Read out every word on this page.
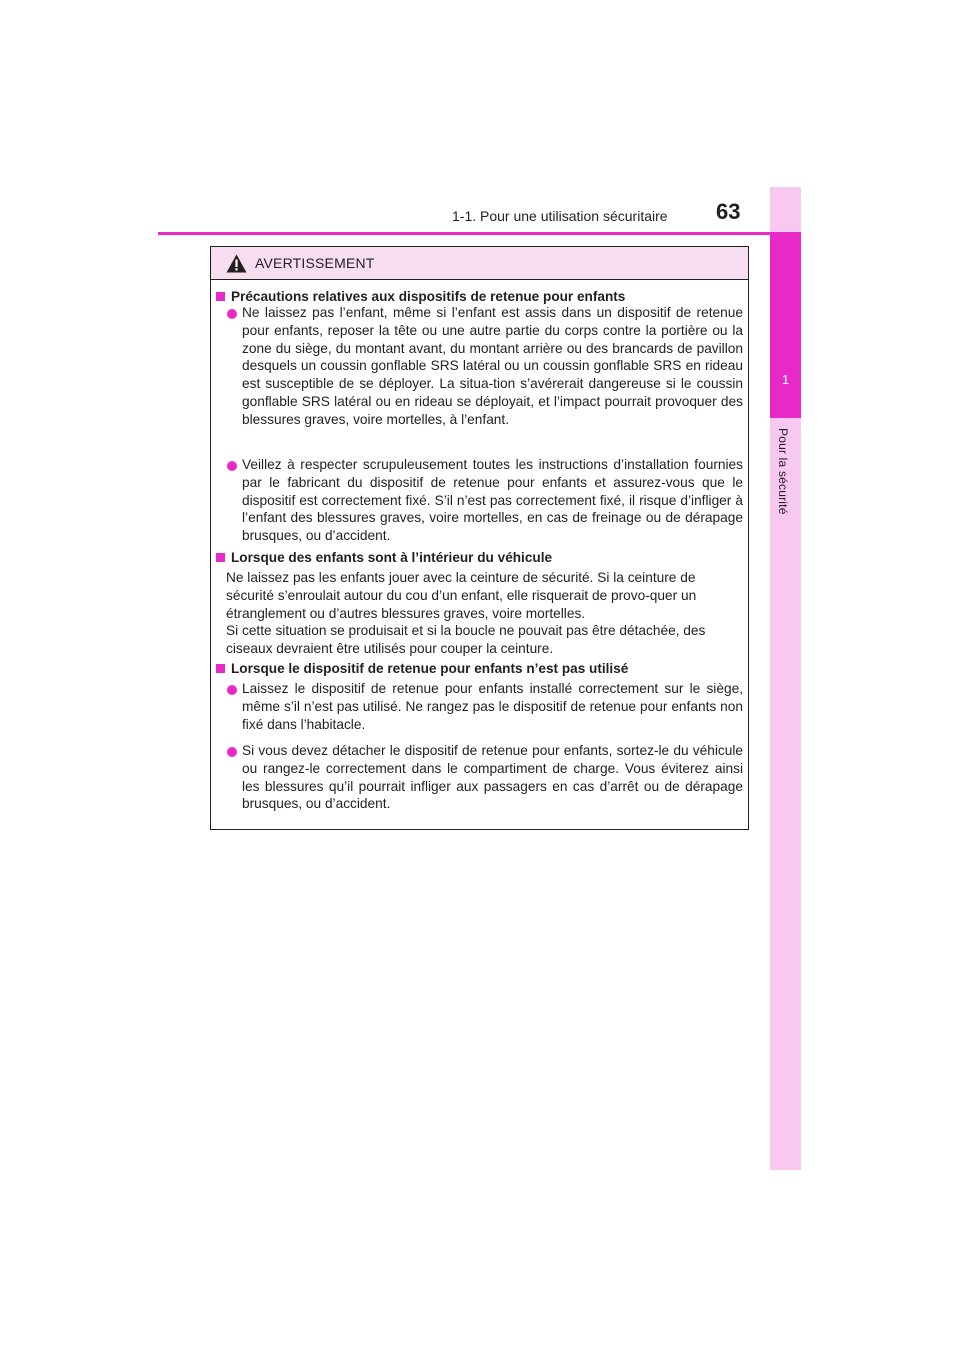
1
Pour la sécurité
1-1. Pour une utilisation sécuritaire 63
AVERTISSEMENT
Précautions relatives aux dispositifs de retenue pour enfants

Ne laissez pas l’enfant, même si l’enfant est assis dans un dispositif de retenue pour enfants, reposer la tête ou une autre partie du corps contre la portière ou la zone du siège, du montant avant, du montant arrière ou des brancards de pavillon desquels un coussin gonflable SRS latéral ou un coussin gonflable SRS en rideau est susceptible de se déployer. La situa-tion s’avérerait dangereuse si le coussin gonflable SRS latéral ou en rideau se déployait, et l’impact pourrait provoquer des blessures graves, voire mortelles, à l’enfant.

Veillez à respecter scrupuleusement toutes les instructions d’installation fournies par le fabricant du dispositif de retenue pour enfants et assurez-vous que le dispositif est correctement fixé. S’il n’est pas correctement fixé, il risque d’infliger à l’enfant des blessures graves, voire mortelles, en cas de freinage ou de dérapage brusques, ou d’accident.

Lorsque des enfants sont à l’intérieur du véhicule

Ne laissez pas les enfants jouer avec la ceinture de sécurité. Si la ceinture de sécurité s’enroulait autour du cou d’un enfant, elle risquerait de provo-quer un étranglement ou d’autres blessures graves, voire mortelles.

Si cette situation se produisait et si la boucle ne pouvait pas être détachée, des ciseaux devraient être utilisés pour couper la ceinture.

Lorsque le dispositif de retenue pour enfants n’est pas utilisé

Laissez le dispositif de retenue pour enfants installé correctement sur le siège, même s’il n’est pas utilisé. Ne rangez pas le dispositif de retenue pour enfants non fixé dans l’habitacle.

Si vous devez détacher le dispositif de retenue pour enfants, sortez-le du véhicule ou rangez-le correctement dans le compartiment de charge. Vous éviterez ainsi les blessures qu’il pourrait infliger aux passagers en cas d’arrêt ou de dérapage brusques, ou d’accident.
